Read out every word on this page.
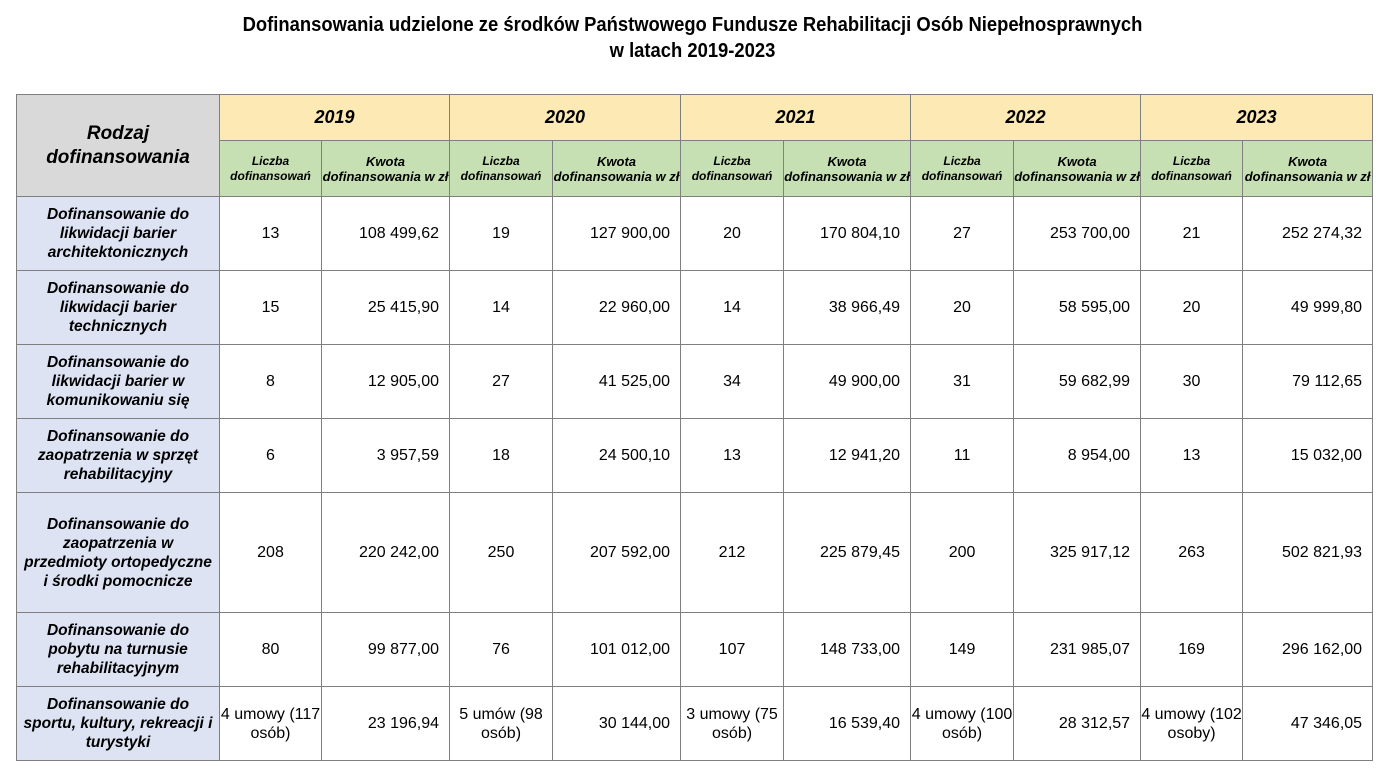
Dofinansowania udzielone ze środków Państwowego Fundusze Rehabilitacji Osób Niepełnosprawnych
w latach 2019-2023
Rodzaj dofinansowania	2019		2020		2021		2022		2023	
	Liczba dofinansowań	Kwota dofinansowania w zł	Liczba dofinansowań	Kwota dofinansowania w zł	Liczba dofinansowań	Kwota dofinansowania w zł	Liczba dofinansowań	Kwota dofinansowania w zł	Liczba dofinansowań	Kwota dofinansowania w zł
Dofinansowanie do likwidacji barier architektonicznych	13	108 499,62	19	127 900,00	20	170 804,10	27	253 700,00	21	252 274,32
Dofinansowanie do likwidacji barier technicznych	15	25 415,90	14	22 960,00	14	38 966,49	20	58 595,00	20	49 999,80
Dofinansowanie do likwidacji barier w komunikowaniu się	8	12 905,00	27	41 525,00	34	49 900,00	31	59 682,99	30	79 112,65
Dofinansowanie do zaopatrzenia w sprzęt rehabilitacyjny	6	3 957,59	18	24 500,10	13	12 941,20	11	8 954,00	13	15 032,00
Dofinansowanie do zaopatrzenia w przedmioty ortopedyczne i środki pomocnicze	208	220 242,00	250	207 592,00	212	225 879,45	200	325 917,12	263	502 821,93
Dofinansowanie do pobytu na turnusie rehabilitacyjnym	80	99 877,00	76	101 012,00	107	148 733,00	149	231 985,07	169	296 162,00
Dofinansowanie do sportu, kultury, rekreacji i turystyki	4 umowy (117 osób)	23 196,94	5 umów (98 osób)	30 144,00	3 umowy (75 osób)	16 539,40	4 umowy (100 osób)	28 312,57	4 umowy (102 osoby)	47 346,05
